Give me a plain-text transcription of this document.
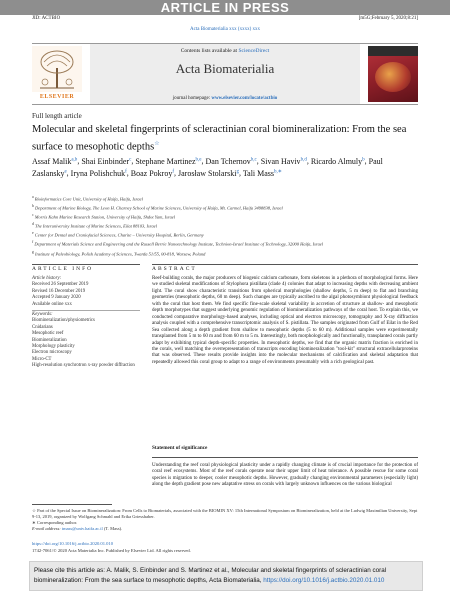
ARTICLE IN PRESS
JID: ACTBIO	[m5G;February 5, 2020;8:21]
Acta Biomaterialia xxx (xxxx) xxx
ELSEVIER
Contents lists available at ScienceDirect
Acta Biomaterialia
journal homepage: www.elsevier.com/locate/actbio
Full length article
Molecular and skeletal fingerprints of scleractinian coral biomineralization: From the sea surface to mesophotic depths☆
Assaf Malik$^{a,b}$, Shai Einbinder$^c$, Stephane Martinez$^{b,e}$, Dan Tchernov$^{b,c}$, Sivan Haviv$^{b,d}$, Ricardo Almuly$^b$, Paul Zaslansky$^e$, Iryna Polishchuk$^f$, Boaz Pokroy$^f$, Jarosław Stolarski$^g$, Tali Mass$^{b,∗}$
$^a$ Bioinformatics Core Unit, University of Haifa, Haifa, Israel
$^b$ Department of Marine Biology, The Leon H. Charney School of Marine Sciences, University of Haifa, Mt. Carmel, Haifa 3498838, Israel
$^c$ Morris Kahn Marine Research Station, University of Haifa, Shdot Yam, Israel
$^d$ The Interuniversity Institute of Marine Sciences, Eilat 88103, Israel
$^e$ Center for Dental and Craniofacial Sciences, Charite – University Hospital, Berlin, Germany
$^f$ Department of Materials Science and Engineering and the Russell Berrie Nanotechnology Institute, Technion-Israel Institute of Technology, 32000 Haifa, Israel
$^g$ Institute of Paleobiology, Polish Academy of Sciences, Twarda 51/55, 00-818, Warsaw, Poland
ARTICLE INFO	ABSTRACT
Article history:
Received 26 September 2019
Revised 16 December 2019
Accepted 9 January 2020
Available online xxx
Keywords:
Biomineralization/physiometrics
Cnidarians
Mesophotic reef
Biomineralization
Morphology plasticity
Electron microscopy
Micro-CT
High-resolution synchrotron x-ray powder diffraction
Reef-building corals, the major producers of biogenic calcium carbonate, form skeletons in a plethora of morphological forms. Here we studied skeletal modifications of Stylophora pistillata (clade 4) colonies that adapt to increasing depths with decreasing ambient light. The coral show characteristic transitions from spherical morphologies (shallow depths, 5 m deep) to flat and branching geometries (mesophotic depths, 60 m deep). Such changes are typically ascribed to the algal photosymbiont physiological feedback with the coral that host them. We find specific fine-scale skeletal variability in accretion of structure at shallow- and mesophotic depth morphotypes that suggest underlying genomic regulation of biomineralization pathways of the coral host. To explain this, we conducted comparative morphology-based analyses, including optical and electron microscopy, tomography and X-ray diffraction analysis coupled with a comprehensive transcriptomic analysis of S. pistillata. The samples originated from Gulf of Eilat in the Red Sea collected along a depth gradient from shallow to mesophotic depths (5 to 60 m). Additional samples were experimentally transplanted from 5 m to 60 m and from 60 m to 5 m. Interestingly, both morphologically and functionally, transplanted corals partly adapt by exhibiting typical depth-specific properties. In mesophotic depths, we find that the organic matrix fraction is enriched in the corals, well matching the overrepresentation of transcripts encoding biomineralization "tool-kit" structural extracellularproteins that was observed. These results provide insights into the molecular mechanisms of calcification and skeletal adaptation that repeatedly allowed this coral group to adapt to a range of environments presumably with a rich geological past.
Statement of significance
Understanding the reef coral physiological plasticity under a rapidly changing climate is of crucial importance for the protection of coral reef ecosystems. Most of the reef corals operate near their upper limit of heat tolerance. A possible rescue for some coral species is migration to deeper, cooler mesophotic depths. However, gradually changing environmental parameters (especially light) along the depth gradient pose new adaptative stress on corals with largely unknown influences on the various biological
☆ Part of the Special Issue on Biomineralization: From Cells to Biomaterials, associated with the BIOMIN XV: 15th International Symposium on Biomineralization, held at the Ludwig Maximilian University, Sept 9-13, 2019, organized by Wolfgang Schmahl and Erika Griesshaber.
∗ Corresponding author.
E-mail address: tmass@univ.haifa.ac.il (T. Mass).
https://doi.org/10.1016/j.actbio.2020.01.010
1742-7061/© 2020 Acta Materialia Inc. Published by Elsevier Ltd. All rights reserved.
Please cite this article as: A. Malik, S. Einbinder and S. Martinez et al., Molecular and skeletal fingerprints of scleractinian coral biomineralization: From the sea surface to mesophotic depths, Acta Biomaterialia, https://doi.org/10.1016/j.actbio.2020.01.010
